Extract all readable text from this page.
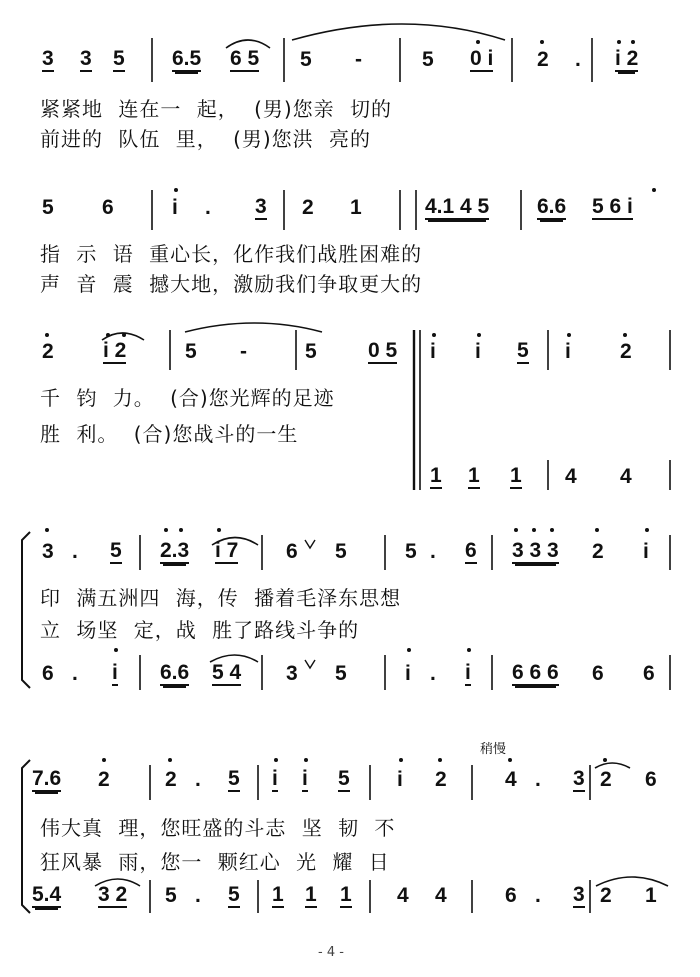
3 3 5 6.5 6 5 5 -	5 0 i 2 . i 2
紧紧地 连在一 起， (男)您亲 切的
前进的 队伍 里， (男)您洪 亮的
5 6	i . 3 2 1	4.1 4 5 6.6 5 6 i
指 示 语 重心长，化作我们战胜困难的
声 音 震 撼大地，激励我们争取更大的
2 i 2	5 -	5 0 5 i i 5 i 2
1 1 1 4 4
千 钧 力。 (合)您光辉的足迹
胜 利。 (合)您战斗的一生
3 . 5 2.3 i 7 6 5	5 . 6 3 3 3 2 i
6 . i 6.6 5 4 3 5	i . i 6 6 6 6 6
印 满五洲四 海，传 播着毛泽东思想
立 场坚 定，战 胜了路线斗争的
7.6 2	2 . 5 i i 5 i 2	4 . 3 2 6
5.4 3 2 5 . 5 1 1 1 4 4	6 . 3 2 1
伟大真 理，您旺盛的斗志 坚 韧 不
狂风暴 雨，您一 颗红心 光 耀 日
稍慢
- 4 -
